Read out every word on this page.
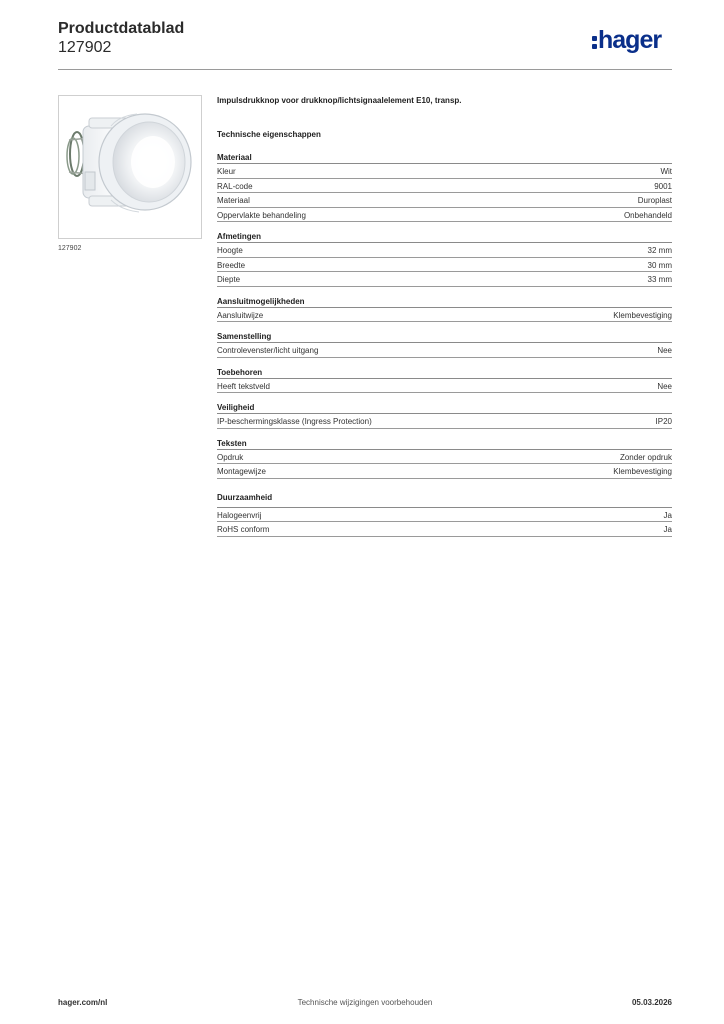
Productdatablad
127902	hager
127902
Impulsdrukknop voor drukknop/lichtsignaalelement E10, transp.
Technische eigenschappen
Materiaal
Kleur	Wit
RAL-code	9001
Materiaal	Duroplast
Oppervlakte behandeling	Onbehandeld
Afmetingen
Hoogte	32 mm
Breedte	30 mm
Diepte	33 mm
Aansluitmogelijkheden
Aansluitwijze	Klembevestiging
Samenstelling
Controlevenster/licht uitgang	Nee
Toebehoren
Heeft tekstveld	Nee
Veiligheid
IP-beschermingsklasse (Ingress Protection)	IP20
Teksten
Opdruk	Zonder opdruk
Montagewijze	Klembevestiging
Duurzaamheid
Halogeenvrij	Ja
RoHS conform	Ja
hager.com/nl	Technische wijzigingen voorbehouden	05.03.2026
